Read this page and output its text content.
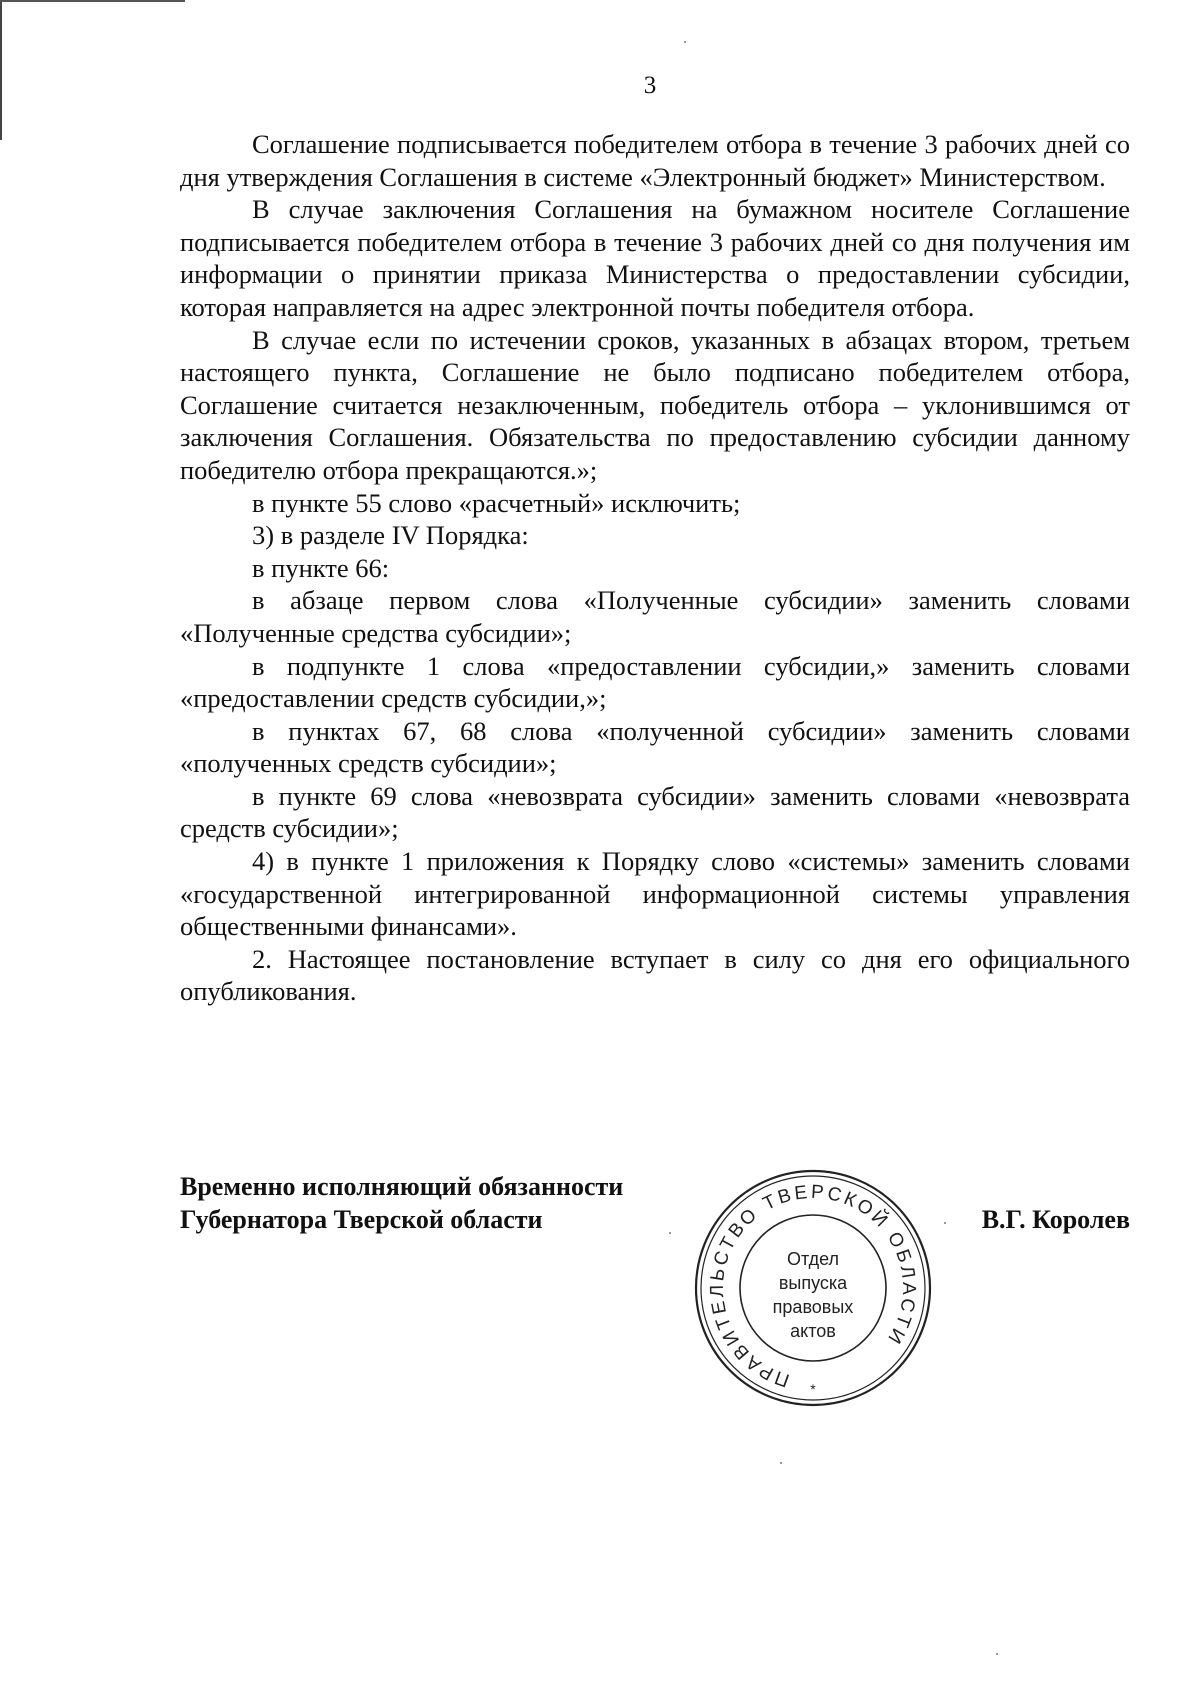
3

Соглашение подписывается победителем отбора в течение 3 рабочих дней со дня утверждения Соглашения в системе «Электронный бюджет» Министерством.

В случае заключения Соглашения на бумажном носителе Соглашение подписывается победителем отбора в течение 3 рабочих дней со дня получения им информации о принятии приказа Министерства о предоставлении субсидии, которая направляется на адрес электронной почты победителя отбора.

В случае если по истечении сроков, указанных в абзацах втором, третьем настоящего пункта, Соглашение не было подписано победителем отбора, Соглашение считается незаключенным, победитель отбора – уклонившимся от заключения Соглашения. Обязательства по предоставлению субсидии данному победителю отбора прекращаются.»;

в пункте 55 слово «расчетный» исключить;

3) в разделе IV Порядка:

в пункте 66:

в абзаце первом слова «Полученные субсидии» заменить словами «Полученные средства субсидии»;

в подпункте 1 слова «предоставлении субсидии,» заменить словами «предоставлении средств субсидии,»;

в пунктах 67, 68 слова «полученной субсидии» заменить словами «полученных средств субсидии»;

в пункте 69 слова «невозврата субсидии» заменить словами «невозврата средств субсидии»;

4) в пункте 1 приложения к Порядку слово «системы» заменить словами «государственной интегрированной информационной системы управления общественными финансами».

2. Настоящее постановление вступает в силу со дня его официального опубликования.

Временно исполняющий обязанности
Губернатора Тверской области	В.Г. Королев
ПРАВИТЕЛЬСТВО ТВЕРСКОЙ ОБЛАСТИ
*
Отдел
выпуска
правовых
актов
